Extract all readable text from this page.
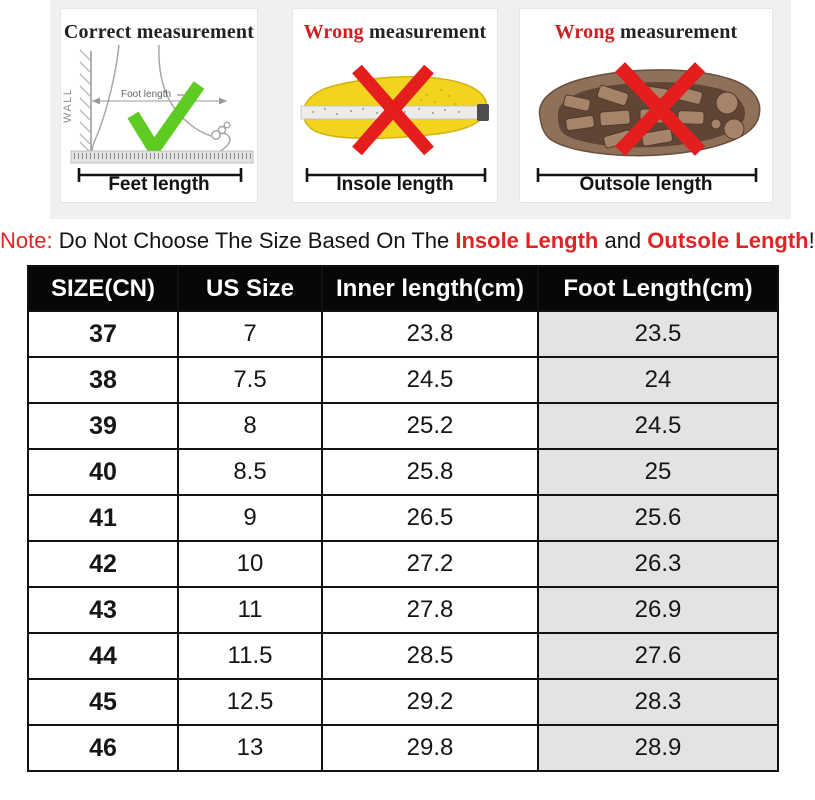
Correct measurement
WALL	Foot length
Feet length
Wrong measurement
Insole length
Wrong measurement
Outsole length
Note: Do Not Choose The Size Based On The Insole Length and Outsole Length!
SIZE(CN)	US Size	Inner length(cm)	Foot Length(cm)
37	7	23.8	23.5
38	7.5	24.5	24
39	8	25.2	24.5
40	8.5	25.8	25
41	9	26.5	25.6
42	10	27.2	26.3
43	11	27.8	26.9
44	11.5	28.5	27.6
45	12.5	29.2	28.3
46	13	29.8	28.9
